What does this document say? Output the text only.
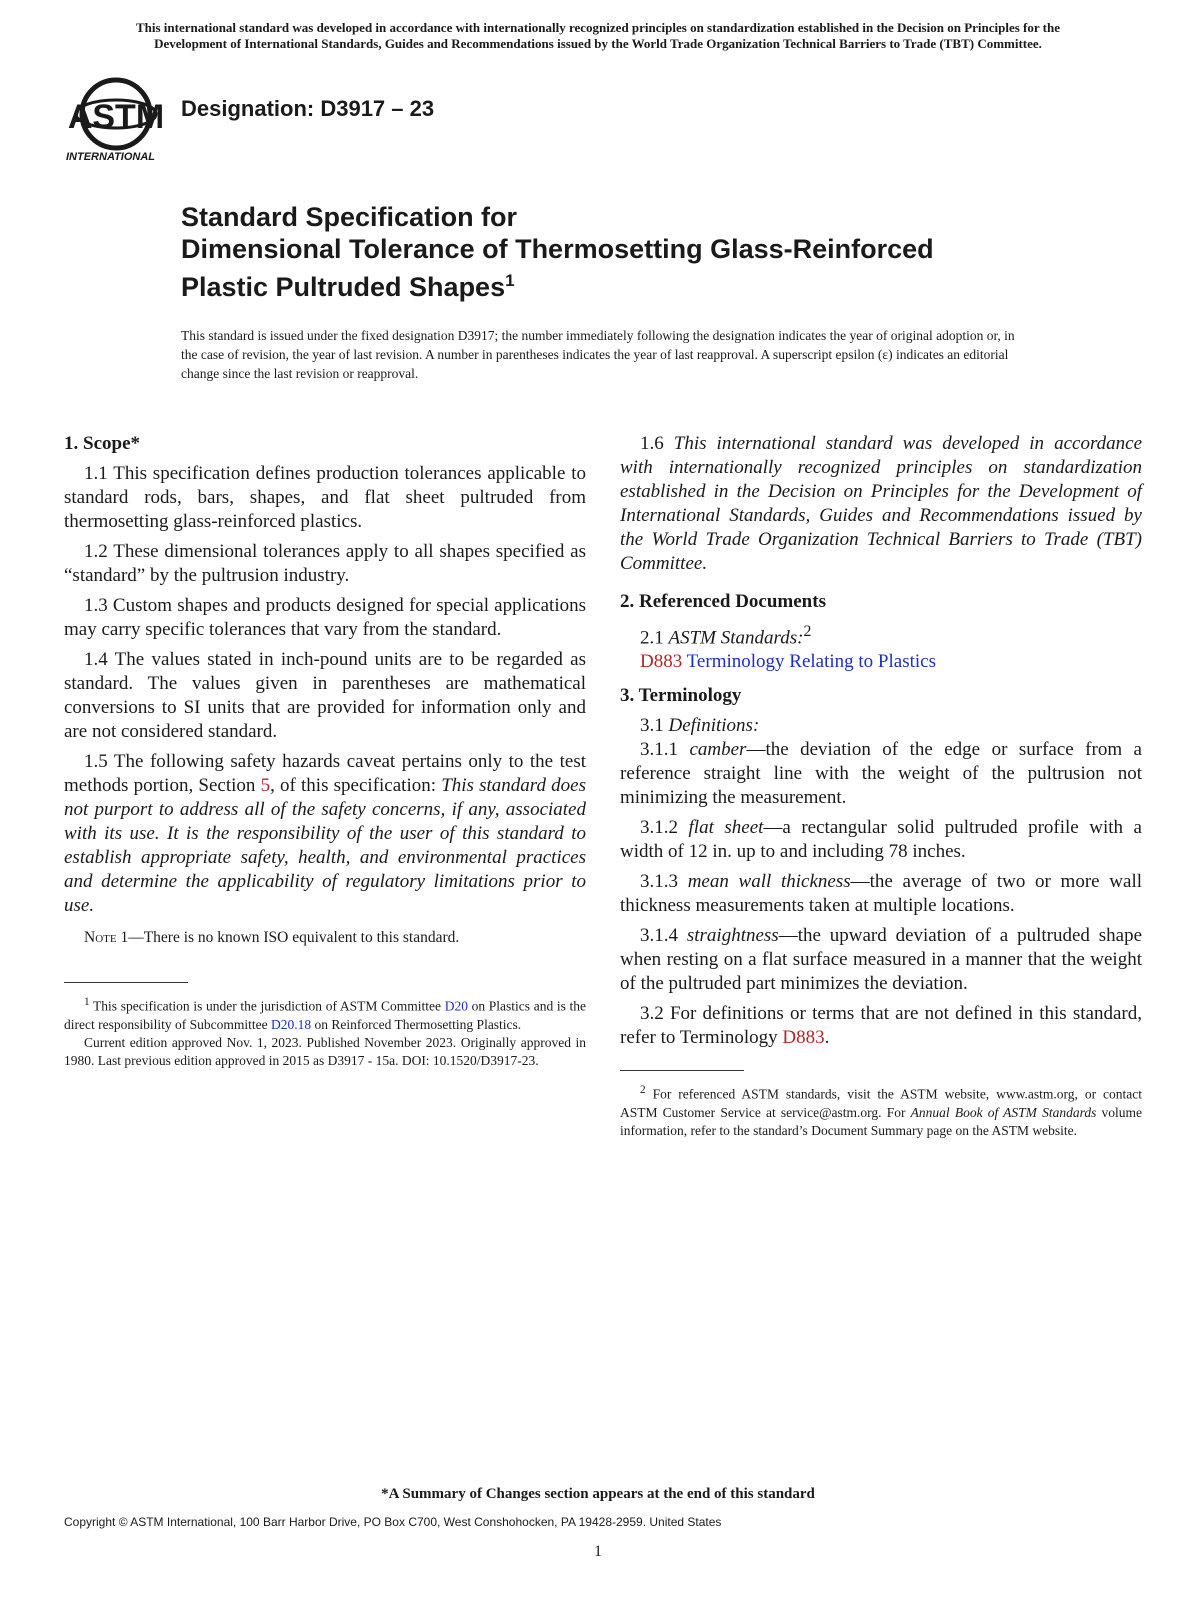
This international standard was developed in accordance with internationally recognized principles on standardization established in the Decision on Principles for the
Development of International Standards, Guides and Recommendations issued by the World Trade Organization Technical Barriers to Trade (TBT) Committee.
ASTM
INTERNATIONAL
Designation: D3917 – 23
Standard Specification for
Dimensional Tolerance of Thermosetting Glass-Reinforced
Plastic Pultruded Shapes$^1$
This standard is issued under the fixed designation D3917; the number immediately following the designation indicates the year of original adoption or, in the case of revision, the year of last revision. A number in parentheses indicates the year of last reapproval. A superscript epsilon (ε) indicates an editorial change since the last revision or reapproval.
1. Scope*

1.1 This specification defines production tolerances applicable to standard rods, bars, shapes, and flat sheet pultruded from thermosetting glass-reinforced plastics.

1.2 These dimensional tolerances apply to all shapes specified as “standard” by the pultrusion industry.

1.3 Custom shapes and products designed for special applications may carry specific tolerances that vary from the standard.

1.4 The values stated in inch-pound units are to be regarded as standard. The values given in parentheses are mathematical conversions to SI units that are provided for information only and are not considered standard.

1.5 The following safety hazards caveat pertains only to the test methods portion, Section 5, of this specification: This standard does not purport to address all of the safety concerns, if any, associated with its use. It is the responsibility of the user of this standard to establish appropriate safety, health, and environmental practices and determine the applicability of regulatory limitations prior to use.

Note 1—There is no known ISO equivalent to this standard.

$^1$ This specification is under the jurisdiction of ASTM Committee D20 on Plastics and is the direct responsibility of Subcommittee D20.18 on Reinforced Thermosetting Plastics.

Current edition approved Nov. 1, 2023. Published November 2023. Originally approved in 1980. Last previous edition approved in 2015 as D3917 - 15a. DOI: 10.1520/D3917-23.

1.6 This international standard was developed in accordance with internationally recognized principles on standardization established in the Decision on Principles for the Development of International Standards, Guides and Recommendations issued by the World Trade Organization Technical Barriers to Trade (TBT) Committee.

2. Referenced Documents

2.1 ASTM Standards:$^2$

D883 Terminology Relating to Plastics

3. Terminology

3.1 Definitions:

3.1.1 camber—the deviation of the edge or surface from a reference straight line with the weight of the pultrusion not minimizing the measurement.

3.1.2 flat sheet—a rectangular solid pultruded profile with a width of 12 in. up to and including 78 inches.

3.1.3 mean wall thickness—the average of two or more wall thickness measurements taken at multiple locations.

3.1.4 straightness—the upward deviation of a pultruded shape when resting on a flat surface measured in a manner that the weight of the pultruded part minimizes the deviation.

3.2 For definitions or terms that are not defined in this standard, refer to Terminology D883.

$^2$ For referenced ASTM standards, visit the ASTM website, www.astm.org, or contact ASTM Customer Service at service@astm.org. For Annual Book of ASTM Standards volume information, refer to the standard’s Document Summary page on the ASTM website.

*A Summary of Changes section appears at the end of this standard
Copyright © ASTM International, 100 Barr Harbor Drive, PO Box C700, West Conshohocken, PA 19428-2959. United States
1
